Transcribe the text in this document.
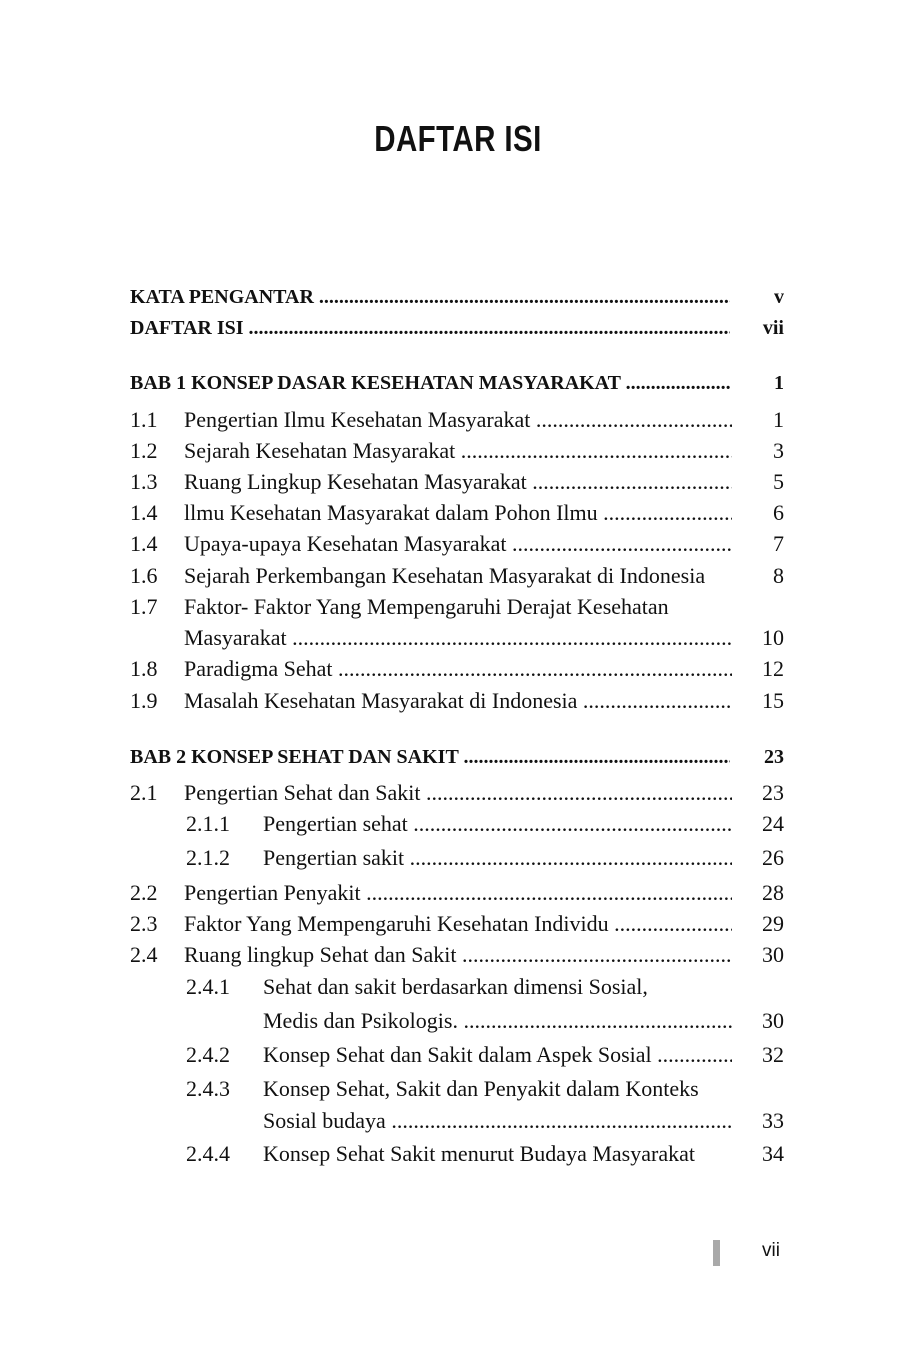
DAFTAR ISI
KATA PENGANTAR .....	v
DAFTAR ISI .....	vii
BAB 1 KONSEP DASAR KESEHATAN MASYARAKAT .....	1
1.1 Pengertian Ilmu Kesehatan Masyarakat .....	1
1.2 Sejarah Kesehatan Masyarakat .....	3
1.3 Ruang Lingkup Kesehatan Masyarakat .....	5
1.4 llmu Kesehatan Masyarakat dalam Pohon Ilmu .....	6
1.4 Upaya-upaya Kesehatan Masyarakat .....	7
1.6 Sejarah Perkembangan Kesehatan Masyarakat di Indonesia	8
1.7 Faktor- Faktor Yang Mempengaruhi Derajat Kesehatan
Masyarakat .....	10
1.8 Paradigma Sehat .....	12
1.9 Masalah Kesehatan Masyarakat di Indonesia .....	15
BAB 2 KONSEP SEHAT DAN SAKIT .....	23
2.1 Pengertian Sehat dan Sakit .....	23
2.1.1 Pengertian sehat .....	24
2.1.2 Pengertian sakit .....	26
2.2 Pengertian Penyakit .....	28
2.3 Faktor Yang Mempengaruhi Kesehatan Individu .....	29
2.4 Ruang lingkup Sehat dan Sakit .....	30
2.4.1 Sehat dan sakit berdasarkan dimensi Sosial,
Medis dan Psikologis. .....	30
2.4.2 Konsep Sehat dan Sakit dalam Aspek Sosial .....	32
2.4.3 Konsep Sehat, Sakit dan Penyakit dalam Konteks
Sosial budaya .....	33
2.4.4 Konsep Sehat Sakit menurut Budaya Masyarakat	34
vii
